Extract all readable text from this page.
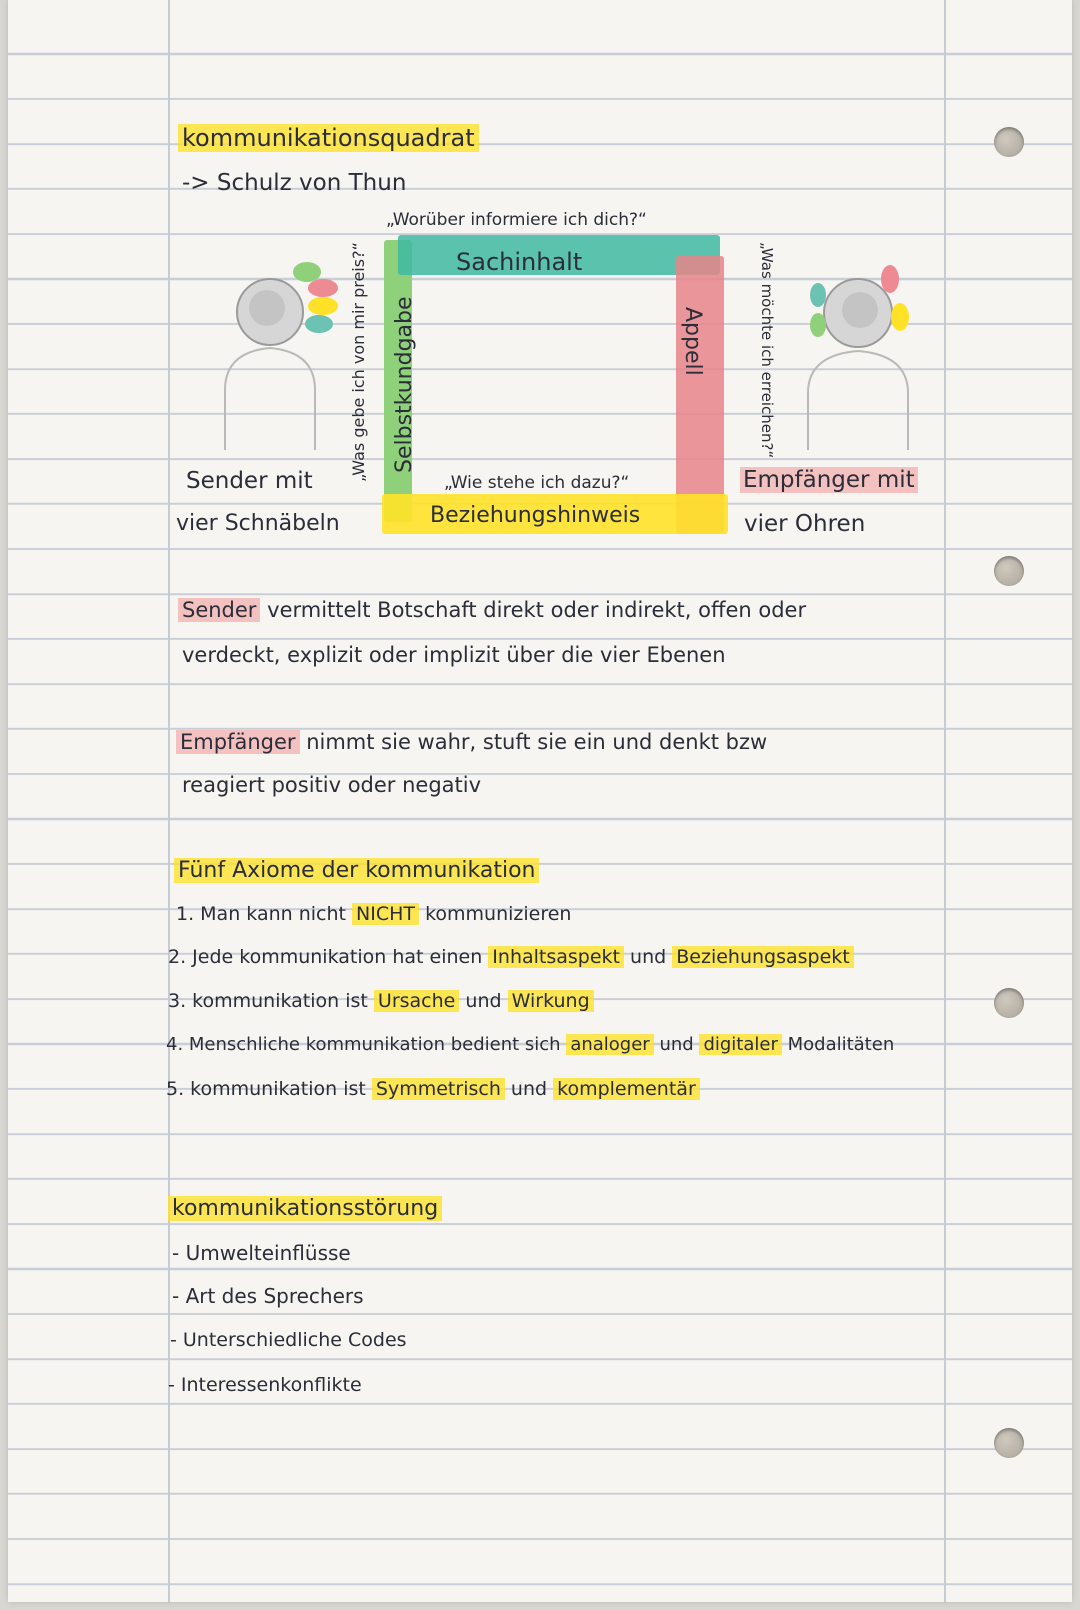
kommunikationsquadrat
-> Schulz von Thun
„Worüber informiere ich dich?“
Sachinhalt
„Was gebe ich von mir preis?“ Selbstkundgabe	Appell	„Was möchte ich erreichen?“
„Wie stehe ich dazu?“
Beziehungshinweis
Sender mit
vier Schnäbeln
Empfänger mit
vier Ohren
Sender vermittelt Botschaft direkt oder indirekt, offen oder
verdeckt, explizit oder implizit über die vier Ebenen
Empfänger nimmt sie wahr, stuft sie ein und denkt bzw
reagiert positiv oder negativ
Fünf Axiome der kommunikation
1. Man kann nicht NICHT kommunizieren
2. Jede kommunikation hat einen Inhaltsaspekt und Beziehungsaspekt
3. kommunikation ist Ursache und Wirkung
4. Menschliche kommunikation bedient sich analoger und digitaler Modalitäten
5. kommunikation ist Symmetrisch und komplementär
kommunikationsstörung
- Umwelteinflüsse
- Art des Sprechers
- Unterschiedliche Codes
- Interessenkonflikte
